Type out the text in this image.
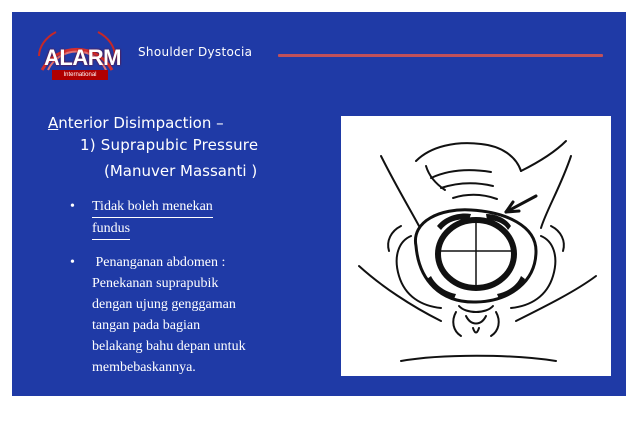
ALARM
International
Shoulder Dystocia
Anterior Disimpaction –
1) Suprapubic Pressure
(Manuver Massanti )
• Tidak boleh menekan
fundus
• Penanganan abdomen :
Penekanan suprapubik
dengan ujung genggaman
tangan pada bagian
belakang bahu depan untuk
membebaskannya.
